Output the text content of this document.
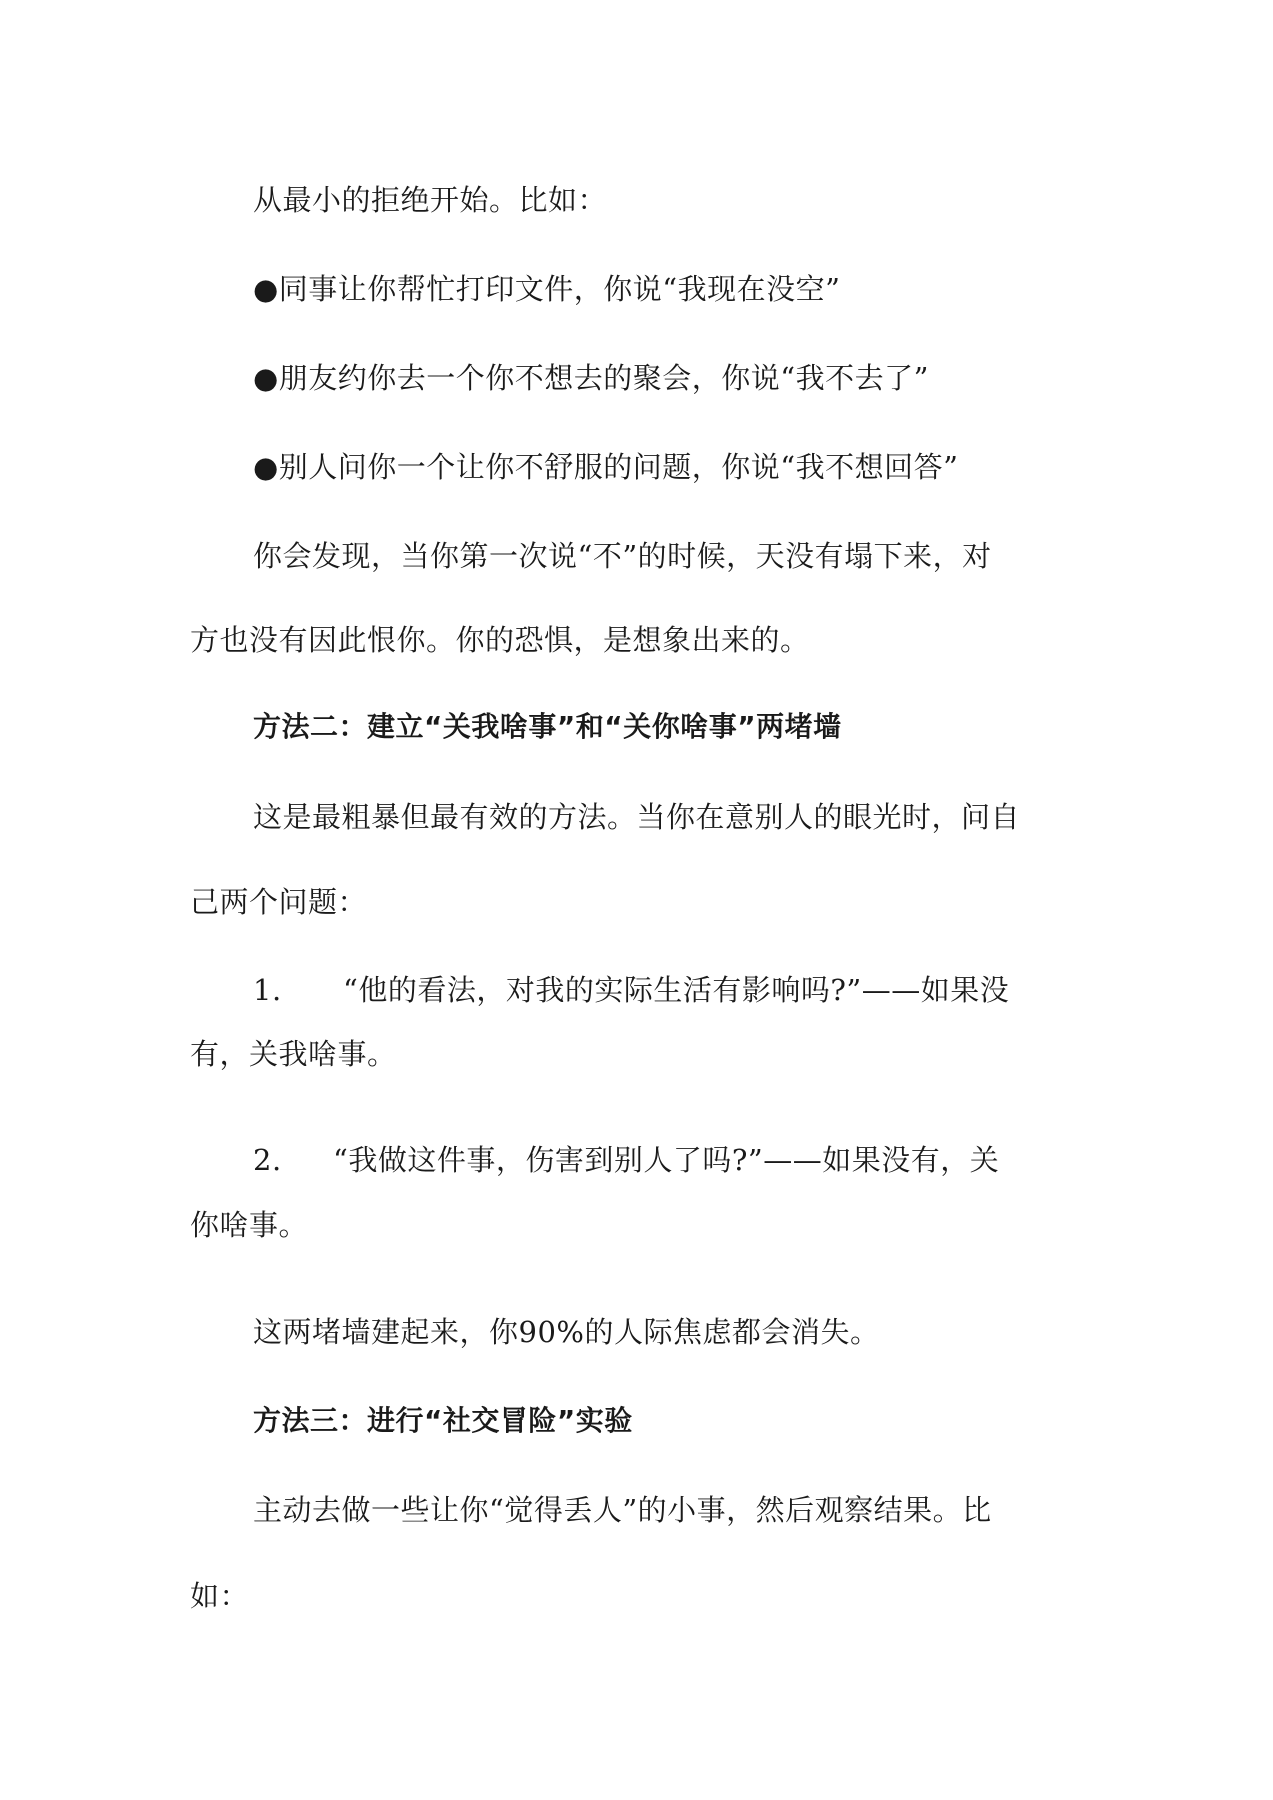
从最小的拒绝开始。比如：
●同事让你帮忙打印文件，你说“我现在没空”
●朋友约你去一个你不想去的聚会，你说“我不去了”
●别人问你一个让你不舒服的问题，你说“我不想回答”
你会发现，当你第一次说“不”的时候，天没有塌下来，对
方也没有因此恨你。你的恐惧，是想象出来的。
方法二：建立“关我啥事”和“关你啥事”两堵墙
这是最粗暴但最有效的方法。当你在意别人的眼光时，问自
己两个问题：
1. “他的看法，对我的实际生活有影响吗?”——如果没
有，关我啥事。
2. “我做这件事，伤害到别人了吗?”——如果没有，关
你啥事。
这两堵墙建起来，你90%的人际焦虑都会消失。
方法三：进行“社交冒险”实验
主动去做一些让你“觉得丢人”的小事，然后观察结果。比
如：
